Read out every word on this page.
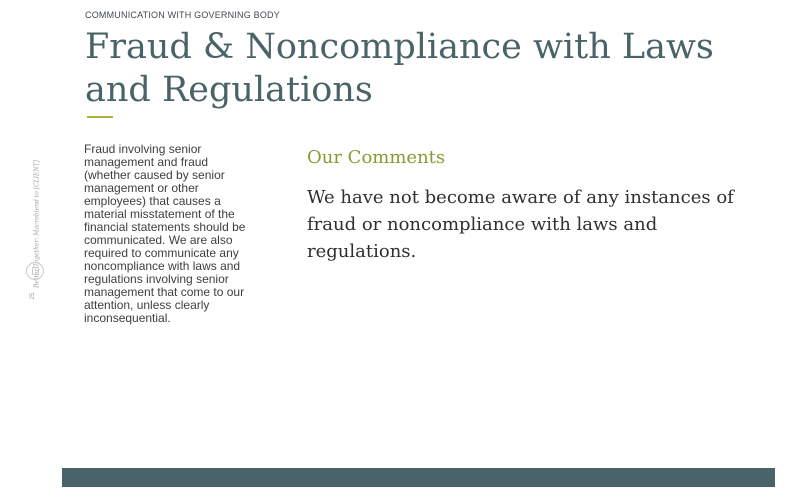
COMMUNICATION WITH GOVERNING BODY
Fraud & Noncompliance with Laws and Regulations
Better Together: Macroblend to [CLIENT]
25

Fraud involving senior management and fraud (whether caused by senior management or other employees) that causes a material misstatement of the financial statements should be communicated. We are also required to communicate any noncompliance with laws and regulations involving senior management that come to our attention, unless clearly inconsequential.

Our Comments

We have not become aware of any instances of fraud or noncompliance with laws and regulations.
